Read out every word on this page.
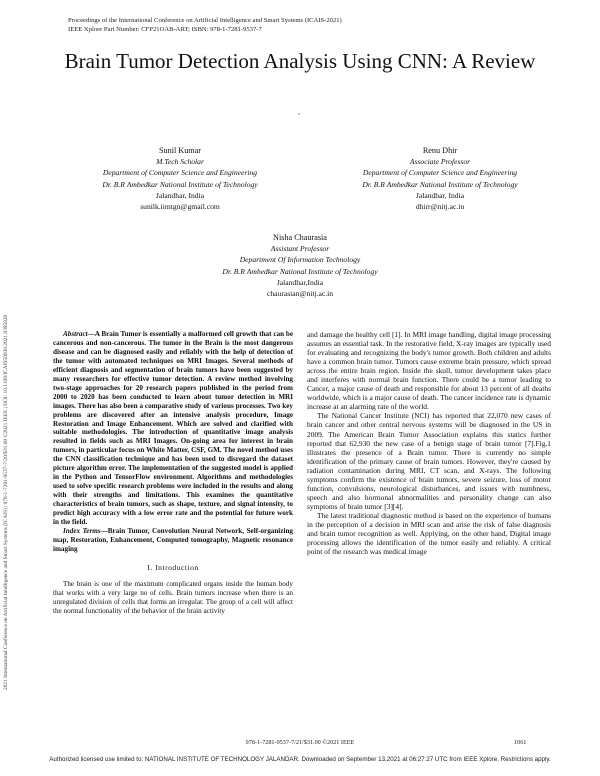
Proceedings of the International Conference on Artificial Intelligence and Smart Systems (ICAIS-2021)
IEEE Xplore Part Number: CFP21OAB-ART; ISBN: 978-1-7281-9537-7
2021 International Conference on Artificial Intelligence and Smart Systems (ICAIS) | 978-1-7281-9537-7/20/$31.00 ©2021 IEEE | DOI: 10.1109/ICAIS50930.2021.9395920
Brain Tumor Detection Analysis Using CNN: A Review
•
Sunil Kumar
M.Tech Scholar
Department of Computer Science and Engineering
Dr. B.R Ambedkar National Institute of Technology
Jalandhar, India
sunilk.iimtgn@gmail.com
Renu Dhir
Associate Professor
Department of Computer Science and Engineering
Dr. B.R Ambedkar National Institute of Technology
Jalandhar, India
dhirr@nitj.ac.in
Nisha Chaurasia
Assistant Professor
Department Of Information Technology
Dr. B.R Ambedkar National Institute of Technology
Jalandhar,India
chaurasian@nitj.ac.in

Abstract—A Brain Tumor is essentially a malformed cell growth that can be cancerous and non-cancerous. The tumor in the Brain is the most dangerous disease and can be diagnosed easily and reliably with the help of detection of the tumor with automated techniques on MRI Images. Several methods of efficient diagnosis and segmentation of brain tumors have been suggested by many researchers for effective tumor detection. A review method involving two-stage approaches for 20 research papers published in the period from 2000 to 2020 has been conducted to learn about tumor detection in MRI images. There has also been a comparative study of various processes. Two key problems are discovered after an intensive analysis procedure, Image Restoration and Image Enhancement. Which are solved and clarified with suitable methodologies. The introduction of quantitative image analysis resulted in fields such as MRI Images. On-going area for interest in brain tumors, in particular focus on White Matter, CSF, GM. The novel method uses the CNN classification technique and has been used to disregard the dataset picture algorithm error. The implementation of the suggested model is applied in the Python and TensorFlow environment. Algorithms and methodologies used to solve specific research problems were included in the results and along with their strengths and limitations. This examines the quantitative characteristics of brain tumors, such as shape, texture, and signal intensity, to predict high accuracy with a low error rate and the potential for future work in the field.

Index Terms—Brain Tumor, Convolution Neural Network, Self-organizing map, Restoration, Enhancement, Computed tomography, Magnetic resonance imaging

I. Introduction

The brain is one of the maximum complicated organs inside the human body that works with a very large no of cells. Brain tumors increase when there is an unregulated division of cells that forms an irregular. The group of a cell will affect the normal functionality of the behavior of the brain activity

and damage the healthy cell [1]. In MRI image handling, digital image processing assumes an essential task. In the restorative field, X-ray images are typically used for evaluating and recognizing the body's tumor growth. Both children and adults have a common brain tumor. Tumors cause extreme brain pressure, which spread across the entire brain region. Inside the skull, tumor development takes place and interferes with normal brain function. There could be a tumor leading to Cancer, a major cause of death and responsible for about 13 percent of all deaths worldwide, which is a major cause of death. The cancer incidence rate is dynamic increase at an alarming rate of the world.

The National Cancer Institute (NCI) has reported that 22,070 new cases of brain cancer and other central nervous systems will be diagnosed in the US in 2009. The American Brain Tumor Association explains this statics further reported that 62,930 the new case of a benign stage of brain tumor [7].Fig.1 illustrates the presence of a Brain tumor. There is currently no simple identification of the primary cause of brain tumors. However, they're caused by radiation contamination during MRI, CT scan, and X-rays. The following symptoms confirm the existence of brain tumors, severe seizure, loss of motor function, convulsions, neurological disturbances, and issues with numbness, speech and also hormonal abnormalities and personality change can also symptoms of brain tumor [3][4].

The latest traditional diagnostic method is based on the experience of humans in the perception of a decision in MRI scan and arise the risk of false diagnosis and brain tumor recognition as well. Applying, on the other hand, Digital image processing allows the identification of the tumor easily and reliably. A critical point of the research was medical image

978-1-7281-9537-7/21/$31.00 ©2021 IEEE	1061
Authorized licensed use limited to: NATIONAL INSTITUTE OF TECHNOLOGY JALANDAR. Downloaded on September 13,2021 at 06:27:27 UTC from IEEE Xplore. Restrictions apply.
